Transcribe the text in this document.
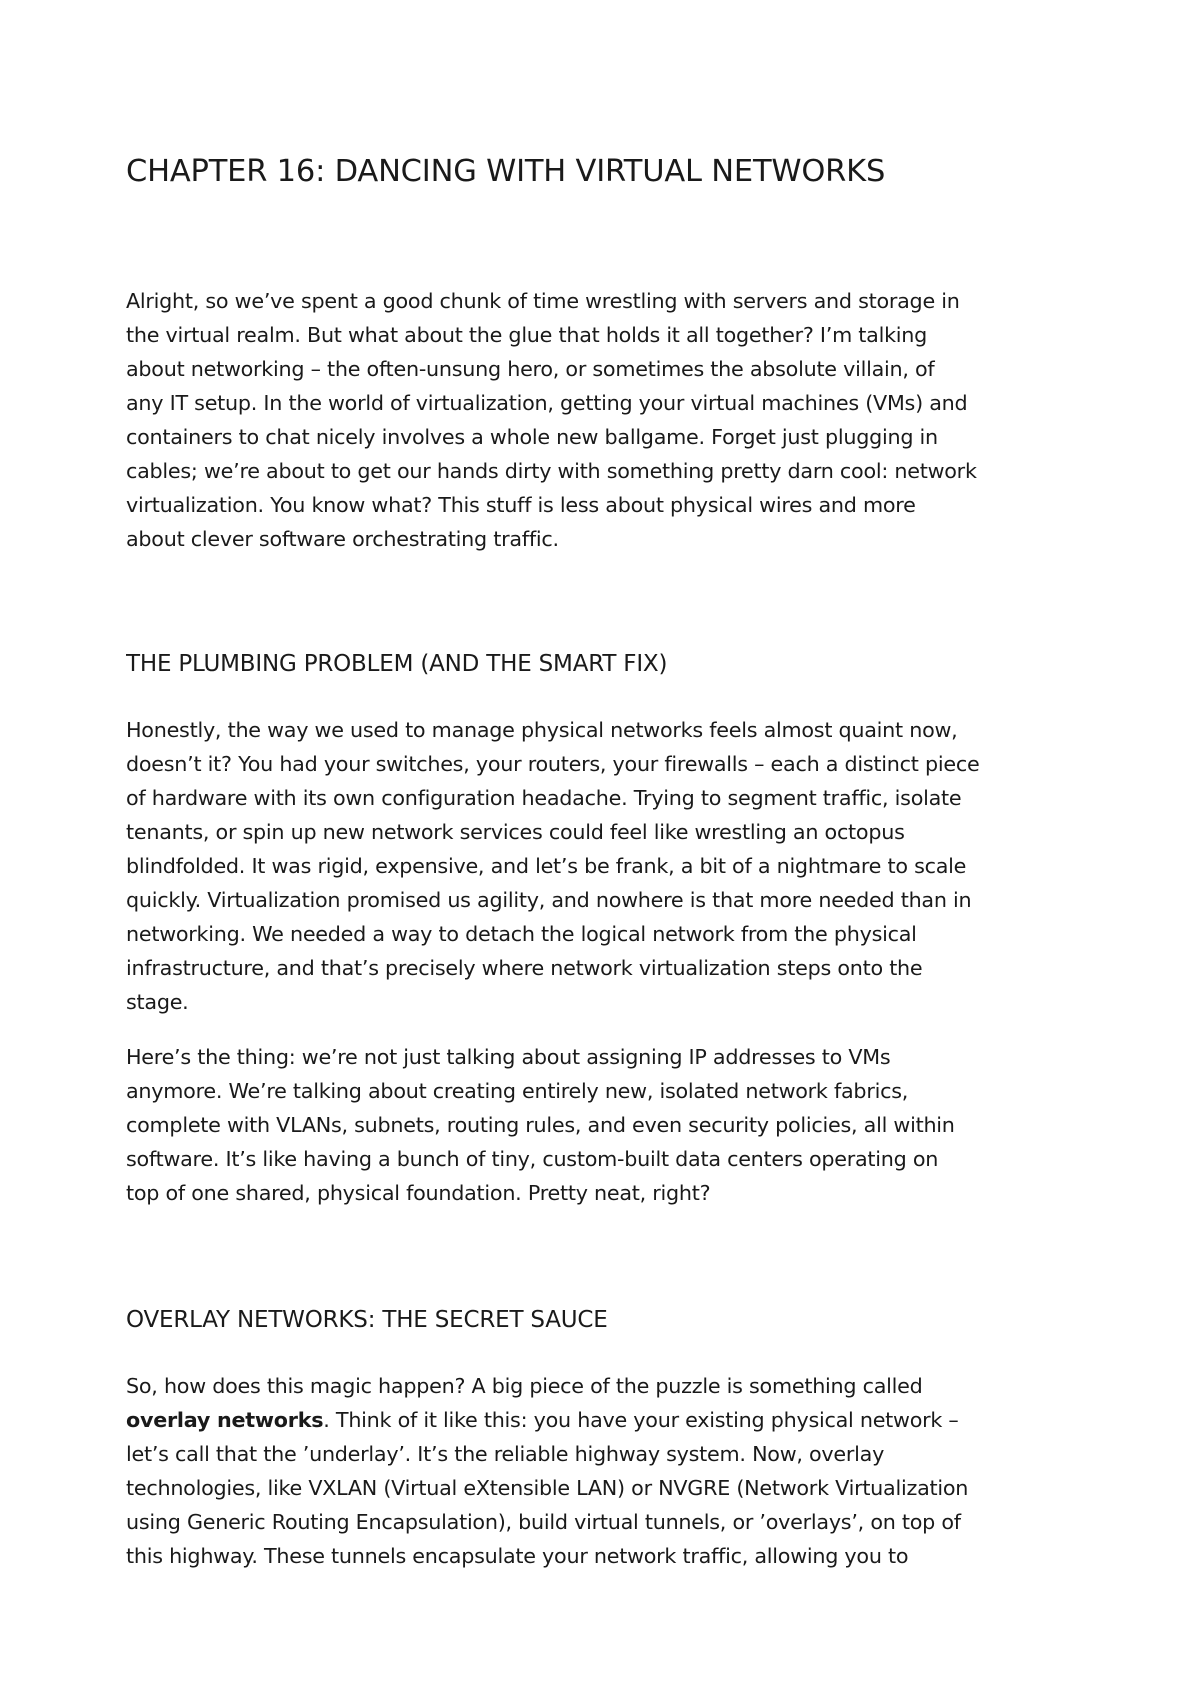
CHAPTER 16: DANCING WITH VIRTUAL NETWORKS
Alright, so we’ve spent a good chunk of time wrestling with servers and storage in
the virtual realm. But what about the glue that holds it all together? I’m talking
about networking – the often-unsung hero, or sometimes the absolute villain, of
any IT setup. In the world of virtualization, getting your virtual machines (VMs) and
containers to chat nicely involves a whole new ballgame. Forget just plugging in
cables; we’re about to get our hands dirty with something pretty darn cool: network
virtualization. You know what? This stuff is less about physical wires and more
about clever software orchestrating traffic.
THE PLUMBING PROBLEM (AND THE SMART FIX)
Honestly, the way we used to manage physical networks feels almost quaint now,
doesn’t it? You had your switches, your routers, your firewalls – each a distinct piece
of hardware with its own configuration headache. Trying to segment traffic, isolate
tenants, or spin up new network services could feel like wrestling an octopus
blindfolded. It was rigid, expensive, and let’s be frank, a bit of a nightmare to scale
quickly. Virtualization promised us agility, and nowhere is that more needed than in
networking. We needed a way to detach the logical network from the physical
infrastructure, and that’s precisely where network virtualization steps onto the
stage.
Here’s the thing: we’re not just talking about assigning IP addresses to VMs
anymore. We’re talking about creating entirely new, isolated network fabrics,
complete with VLANs, subnets, routing rules, and even security policies, all within
software. It’s like having a bunch of tiny, custom-built data centers operating on
top of one shared, physical foundation. Pretty neat, right?
OVERLAY NETWORKS: THE SECRET SAUCE
So, how does this magic happen? A big piece of the puzzle is something called
overlay networks. Think of it like this: you have your existing physical network –
let’s call that the ’underlay’. It’s the reliable highway system. Now, overlay
technologies, like VXLAN (Virtual eXtensible LAN) or NVGRE (Network Virtualization
using Generic Routing Encapsulation), build virtual tunnels, or ’overlays’, on top of
this highway. These tunnels encapsulate your network traffic, allowing you to
